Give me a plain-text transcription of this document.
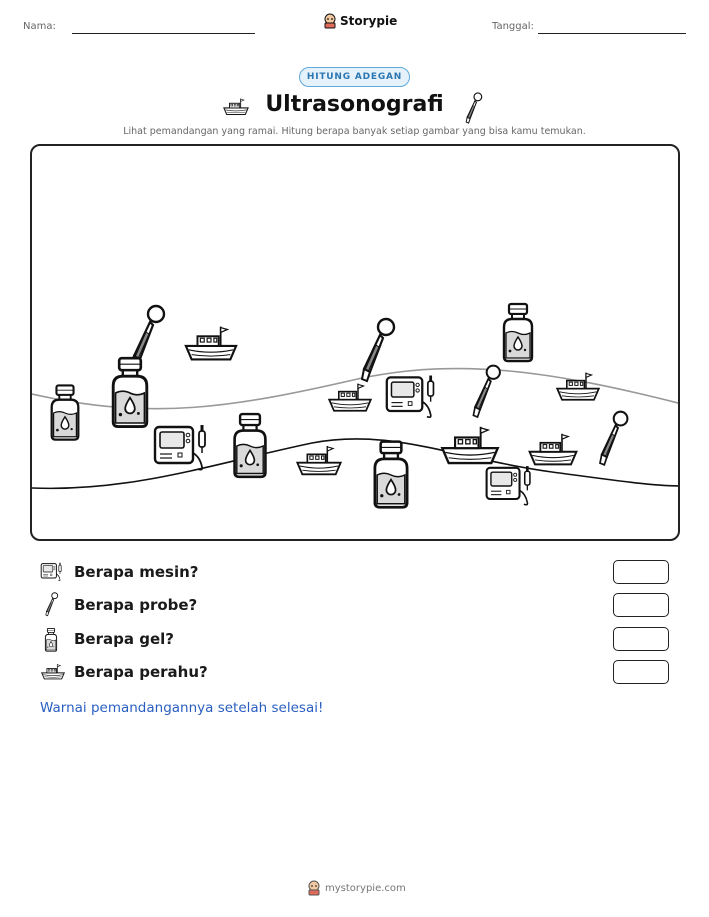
Nama:	Storypie	Tanggal:
HITUNG ADEGAN
Ultrasonografi
Lihat pemandangan yang ramai. Hitung berapa banyak setiap gambar yang bisa kamu temukan.
Berapa mesin?
Berapa probe?
Berapa gel?
Berapa perahu?
Warnai pemandangannya setelah selesai!
mystorypie.com
